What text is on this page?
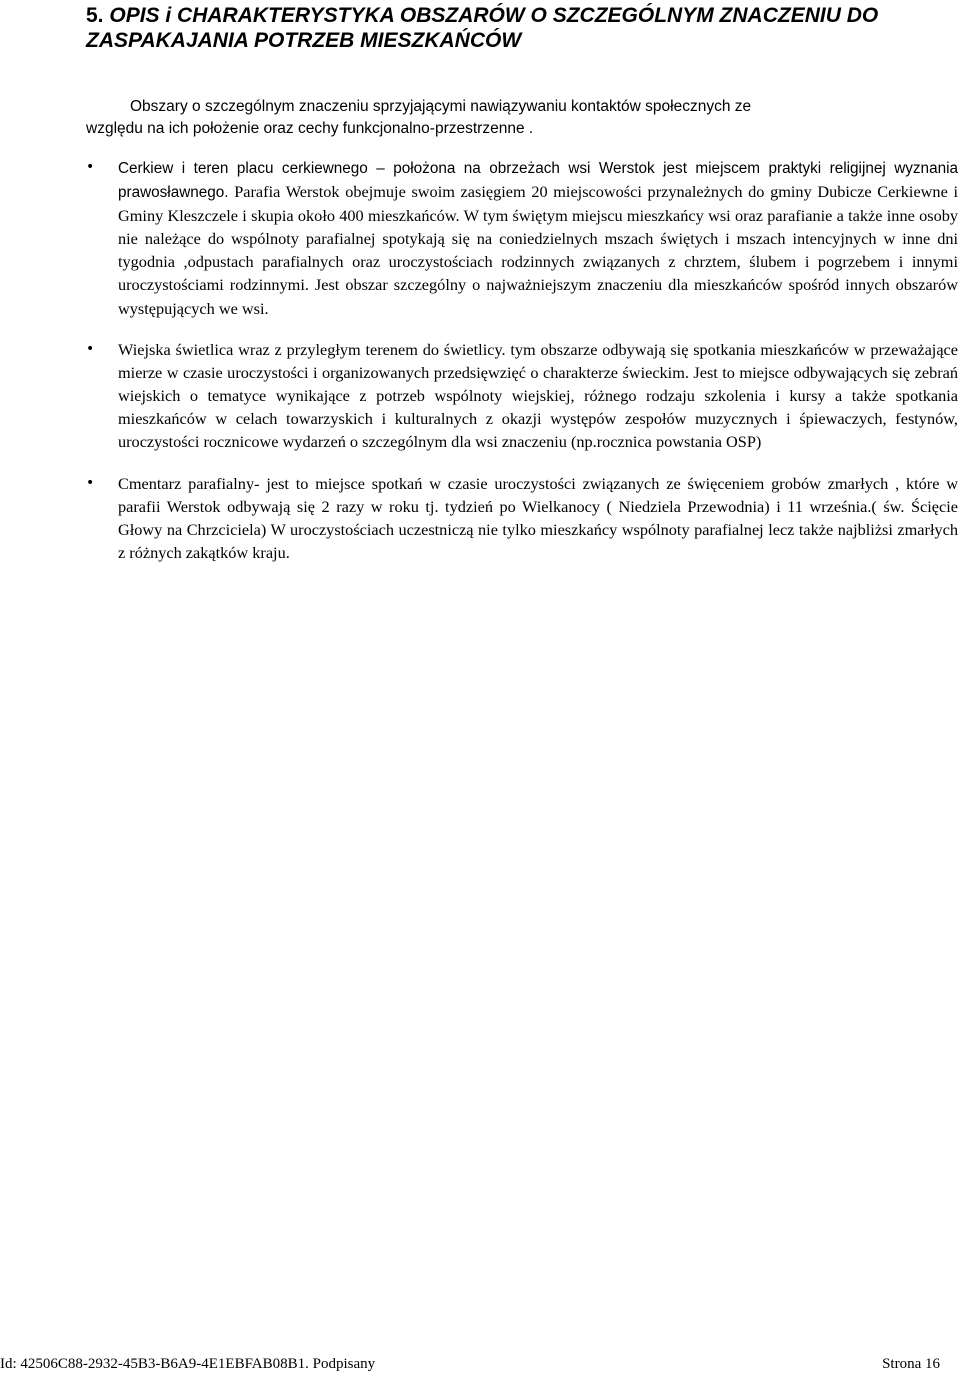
5. OPIS i CHARAKTERYSTYKA OBSZARÓW O SZCZEGÓLNYM ZNACZENIU DO
ZASPAKAJANIA POTRZEB MIESZKAŃCÓW

Obszary o szczególnym znaczeniu sprzyjającymi nawiązywaniu kontaktów społecznych ze
względu na ich położenie oraz cechy funkcjonalno-przestrzenne .

• Cerkiew i teren placu cerkiewnego – położona na obrzeżach wsi Werstok jest miejscem praktyki religijnej wyznania prawosławnego. Parafia Werstok obejmuje swoim zasięgiem 20 miejscowości przynależnych do gminy Dubicze Cerkiewne i Gminy Kleszczele i skupia około 400 mieszkańców. W tym świętym miejscu mieszkańcy wsi oraz parafianie a także inne osoby nie należące do wspólnoty parafialnej spotykają się na coniedzielnych mszach świętych i mszach intencyjnych w inne dni tygodnia ,odpustach parafialnych oraz uroczystościach rodzinnych związanych z chrztem, ślubem i pogrzebem i innymi uroczystościami rodzinnymi. Jest obszar szczególny o najważniejszym znaczeniu dla mieszkańców spośród innych obszarów występujących we wsi.
• Wiejska świetlica wraz z przyległym terenem do świetlicy. tym obszarze odbywają się spotkania mieszkańców w przeważające mierze w czasie uroczystości i organizowanych przedsięwzięć o charakterze świeckim. Jest to miejsce odbywających się zebrań wiejskich o tematyce wynikające z potrzeb wspólnoty wiejskiej, różnego rodzaju szkolenia i kursy a także spotkania mieszkańców w celach towarzyskich i kulturalnych z okazji występów zespołów muzycznych i śpiewaczych, festynów, uroczystości rocznicowe wydarzeń o szczególnym dla wsi znaczeniu (np.rocznica powstania OSP)
• Cmentarz parafialny- jest to miejsce spotkań w czasie uroczystości związanych ze święceniem grobów zmarłych , które w parafii Werstok odbywają się 2 razy w roku tj. tydzień po Wielkanocy ( Niedziela Przewodnia) i 11 września.( św. Ścięcie Głowy na Chrzciciela) W uroczystościach uczestniczą nie tylko mieszkańcy wspólnoty parafialnej lecz także najbliżsi zmarłych z różnych zakątków kraju.
Id: 42506C88-2932-45B3-B6A9-4E1EBFAB08B1. Podpisany	Strona 16
